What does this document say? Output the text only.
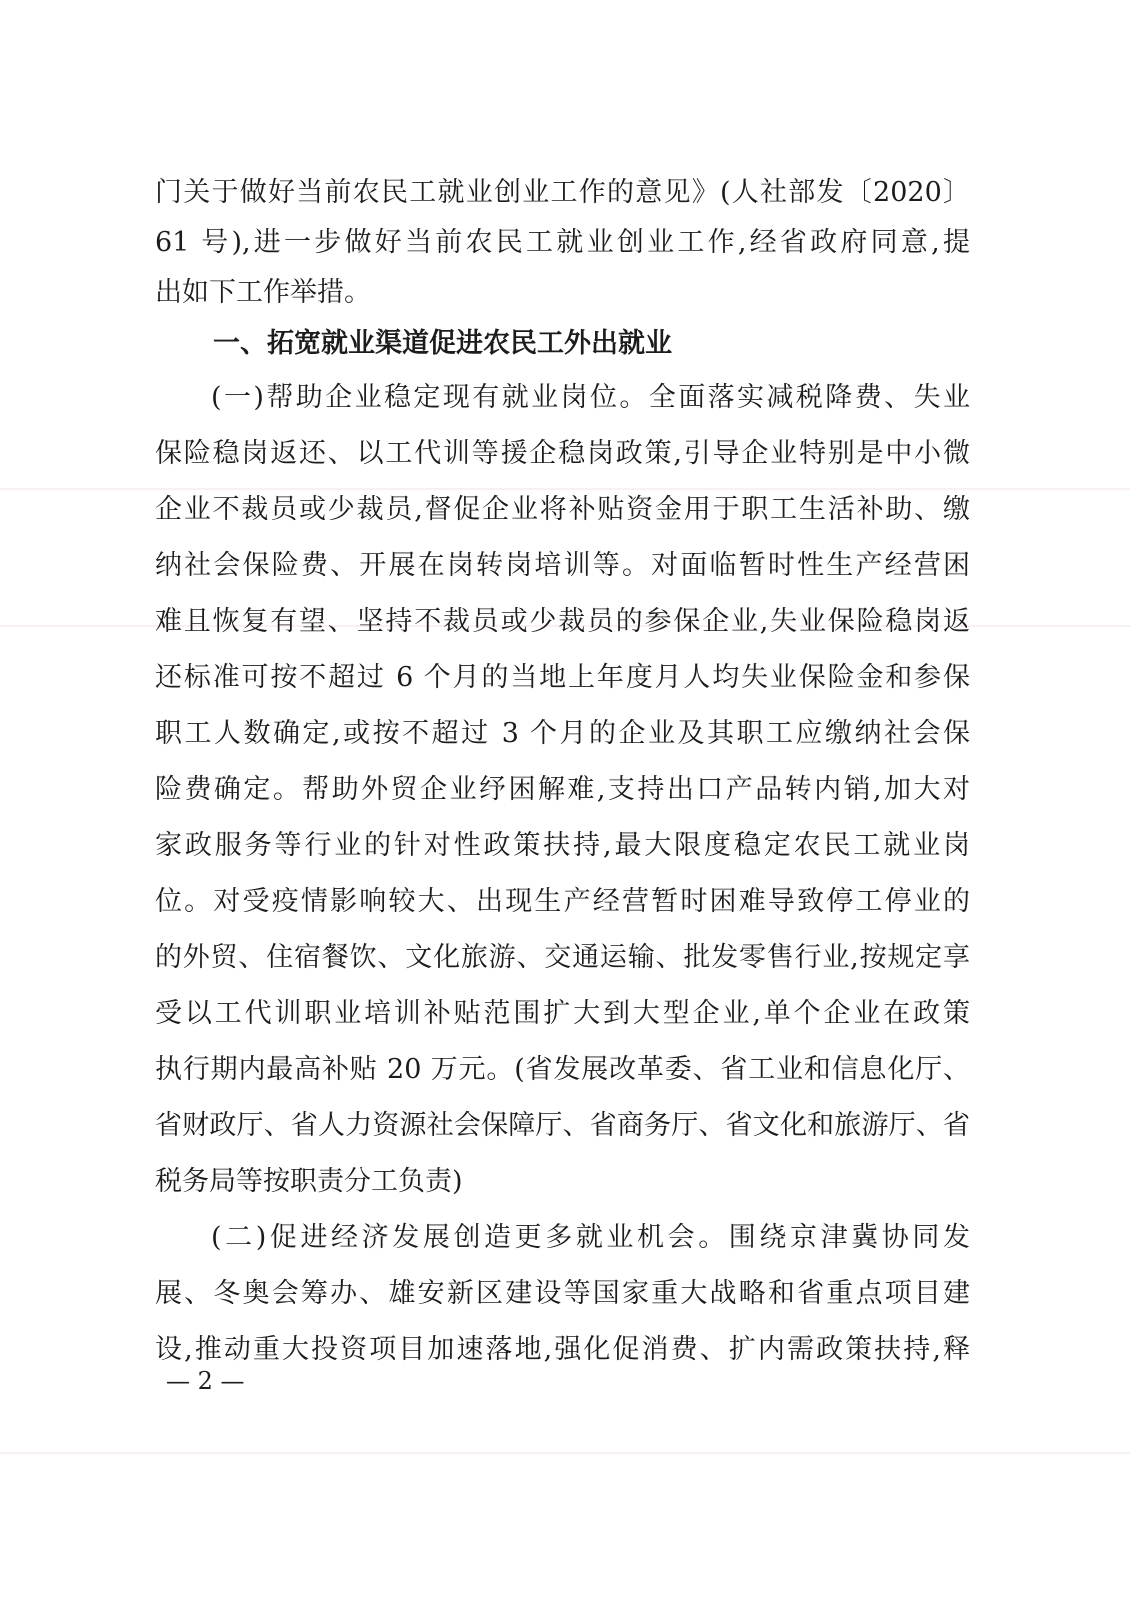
门关于做好当前农民工就业创业工作的意见》(人社部发〔2020〕
61 号),进一步做好当前农民工就业创业工作,经省政府同意,提
出如下工作举措。
一、拓宽就业渠道促进农民工外出就业
(一)帮助企业稳定现有就业岗位。全面落实减税降费、失业
保险稳岗返还、以工代训等援企稳岗政策,引导企业特别是中小微
企业不裁员或少裁员,督促企业将补贴资金用于职工生活补助、缴
纳社会保险费、开展在岗转岗培训等。对面临暂时性生产经营困
难且恢复有望、坚持不裁员或少裁员的参保企业,失业保险稳岗返
还标准可按不超过 6 个月的当地上年度月人均失业保险金和参保
职工人数确定,或按不超过 3 个月的企业及其职工应缴纳社会保
险费确定。帮助外贸企业纾困解难,支持出口产品转内销,加大对
家政服务等行业的针对性政策扶持,最大限度稳定农民工就业岗
位。对受疫情影响较大、出现生产经营暂时困难导致停工停业的
的外贸、住宿餐饮、文化旅游、交通运输、批发零售行业,按规定享
受以工代训职业培训补贴范围扩大到大型企业,单个企业在政策
执行期内最高补贴 20 万元。(省发展改革委、省工业和信息化厅、
省财政厅、省人力资源社会保障厅、省商务厅、省文化和旅游厅、省
税务局等按职责分工负责)
(二)促进经济发展创造更多就业机会。围绕京津冀协同发
展、冬奥会筹办、雄安新区建设等国家重大战略和省重点项目建
设,推动重大投资项目加速落地,强化促消费、扩内需政策扶持,释
— 2 —
